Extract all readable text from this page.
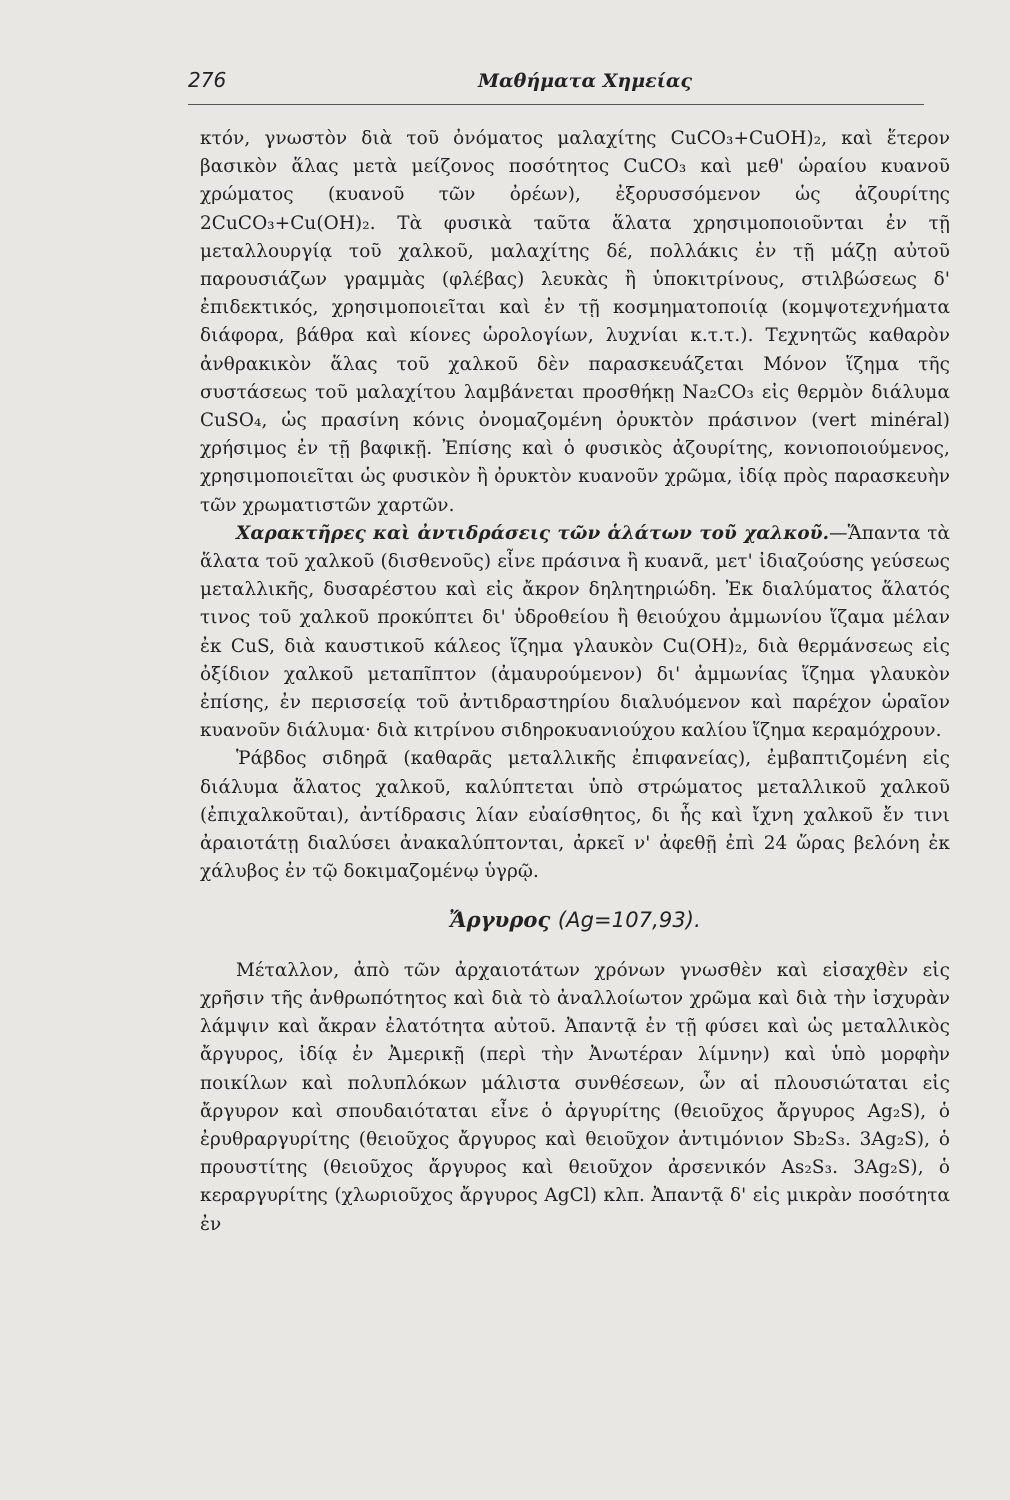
276	Μαθήματα Χημείας

κτόν, γνωστὸν διὰ τοῦ ὀνόματος μαλαχίτης CuCO₃+CuOH)₂, καὶ ἕτερον βασικὸν ἅλας μετὰ μείζονος ποσότητος CuCO₃ καὶ μεθ' ὡραίου κυανοῦ χρώματος (κυανοῦ τῶν ὀρέων), ἐξορυσσόμενον ὡς ἀζουρίτης 2CuCO₃+Cu(OH)₂. Τὰ φυσικὰ ταῦτα ἅλατα χρησιμοποιοῦνται ἐν τῇ μεταλλουργίᾳ τοῦ χαλκοῦ, μαλαχίτης δέ, πολλάκις ἐν τῇ μάζῃ αὐτοῦ παρουσιάζων γραμμὰς (φλέβας) λευκὰς ἢ ὑποκιτρίνους, στιλβώσεως δ' ἐπιδεκτικός, χρησιμοποιεῖται καὶ ἐν τῇ κοσμηματοποιίᾳ (κομψοτεχνήματα διάφορα, βάθρα καὶ κίονες ὡρολογίων, λυχνίαι κ.τ.τ.). Τεχνητῶς καθαρὸν ἀνθρακικὸν ἅλας τοῦ χαλκοῦ δὲν παρασκευάζεται Μόνον ἵζημα τῆς συστάσεως τοῦ μαλαχίτου λαμβάνεται προσθήκῃ Na₂CO₃ εἰς θερμὸν διάλυμα CuSO₄, ὡς πρασίνη κόνις ὀνομαζομένη ὀρυκτὸν πράσινον (vert minéral) χρήσιμος ἐν τῇ βαφικῇ. Ἐπίσης καὶ ὁ φυσικὸς ἀζουρίτης, κονιοποιούμενος, χρησιμοποιεῖται ὡς φυσικὸν ἢ ὀρυκτὸν κυανοῦν χρῶμα, ἰδίᾳ πρὸς παρασκευὴν τῶν χρωματιστῶν χαρτῶν.

Χαρακτῆρες καὶ ἀντιδράσεις τῶν ἁλάτων τοῦ χαλκοῦ.—Ἅπαντα τὰ ἅλατα τοῦ χαλκοῦ (δισθενοῦς) εἶνε πράσινα ἢ κυανᾶ, μετ' ἰδιαζούσης γεύσεως μεταλλικῆς, δυσαρέστου καὶ εἰς ἄκρον δηλητηριώδη. Ἐκ διαλύματος ἅλατός τινος τοῦ χαλκοῦ προκύπτει δι' ὑδροθείου ἢ θειούχου ἀμμωνίου ἵζαμα μέλαν ἐκ CuS, διὰ καυστικοῦ κάλεος ἵζημα γλαυκὸν Cu(OH)₂, διὰ θερμάνσεως εἰς ὀξίδιον χαλκοῦ μεταπῖπτον (ἀμαυρούμενον) δι' ἀμμωνίας ἵζημα γλαυκὸν ἐπίσης, ἐν περισσείᾳ τοῦ ἀντιδραστηρίου διαλυόμενον καὶ παρέχον ὡραῖον κυανοῦν διάλυμα· διὰ κιτρίνου σιδηροκυανιούχου καλίου ἵζημα κεραμόχρουν.

Ῥάβδος σιδηρᾶ (καθαρᾶς μεταλλικῆς ἐπιφανείας), ἐμβαπτιζομένη εἰς διάλυμα ἅλατος χαλκοῦ, καλύπτεται ὑπὸ στρώματος μεταλλικοῦ χαλκοῦ (ἐπιχαλκοῦται), ἀντίδρασις λίαν εὐαίσθητος, δι ἧς καὶ ἴχνη χαλκοῦ ἔν τινι ἀραιοτάτῃ διαλύσει ἀνακαλύπτονται, ἀρκεῖ ν' ἀφεθῇ ἐπὶ 24 ὥρας βελόνη ἐκ χάλυβος ἐν τῷ δοκιμαζομένῳ ὑγρῷ.

Ἄργυρος (Ag=107,93).

Μέταλλον, ἀπὸ τῶν ἀρχαιοτάτων χρόνων γνωσθὲν καὶ εἰσαχθὲν εἰς χρῆσιν τῆς ἀνθρωπότητος καὶ διὰ τὸ ἀναλλοίωτον χρῶμα καὶ διὰ τὴν ἰσχυρὰν λάμψιν καὶ ἄκραν ἐλατότητα αὐτοῦ. Ἀπαντᾷ ἐν τῇ φύσει καὶ ὡς μεταλλικὸς ἄργυρος, ἰδίᾳ ἐν Ἀμερικῇ (περὶ τὴν Ἀνωτέραν λίμνην) καὶ ὑπὸ μορφὴν ποικίλων καὶ πολυπλόκων μάλιστα συνθέσεων, ὧν αἱ πλουσιώταται εἰς ἄργυρον καὶ σπουδαιόταται εἶνε ὁ ἀργυρίτης (θειοῦχος ἄργυρος Ag₂S), ὁ ἐρυθραργυρίτης (θειοῦχος ἄργυρος καὶ θειοῦχον ἀντιμόνιον Sb₂S₃. 3Ag₂S), ὁ προυστίτης (θειοῦχος ἄργυρος καὶ θειοῦχον ἀρσενικόν As₂S₃. 3Ag₂S), ὁ κεραργυρίτης (χλωριοῦχος ἄργυρος AgCl) κλπ. Ἀπαντᾷ δ' εἰς μικρὰν ποσότητα ἐν
